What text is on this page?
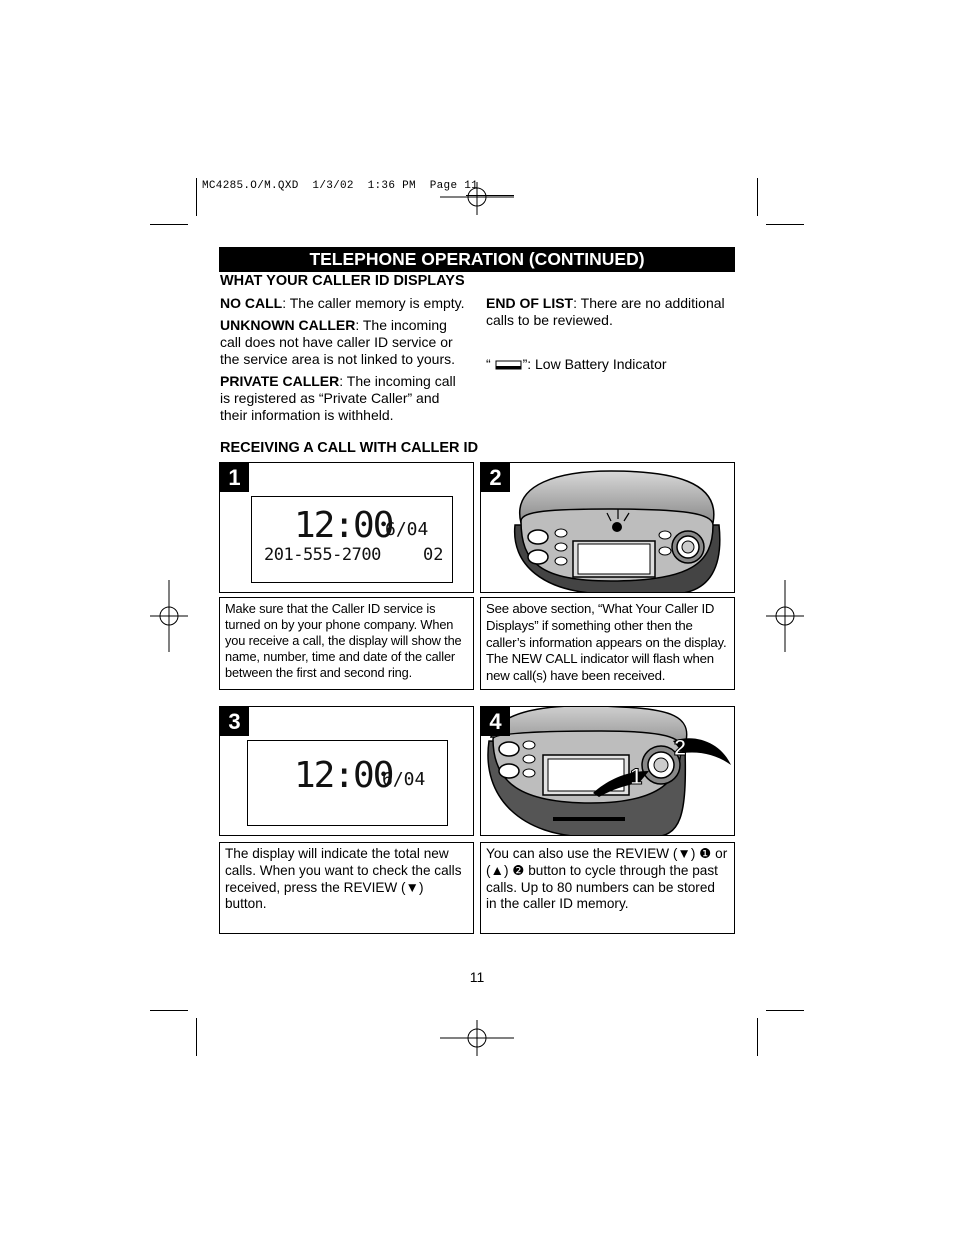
MC4285.O/M.QXD  1/3/02  1:36 PM  Page 11
TELEPHONE OPERATION (CONTINUED)
WHAT YOUR CALLER ID DISPLAYS
NO CALL: The caller memory is empty.
UNKNOWN CALLER: The incoming call does not have caller ID service or the service area is not linked to yours.
PRIVATE CALLER: The incoming call is registered as “Private Caller” and their information is withheld.
END OF LIST: There are no additional calls to be reviewed.
“ ”: Low Battery Indicator
RECEIVING A CALL WITH CALLER ID
1
12:00
6/04
201-555-2700 02
Make sure that the Caller ID service is turned on by your phone company. When you receive a call, the display will show the name, number, time and date of the caller between the first and second ring.
2
See above section, “What Your Caller ID Displays” if something other then the caller’s information appears on the display. The NEW CALL indicator will flash when new call(s) have been received.
3
12:00
6/04
The display will indicate the total new calls. When you want to check the calls received, press the REVIEW (▼) button.
4
2
1
You can also use the REVIEW (▼) ❶ or (▲) ❷ button to cycle through the past calls. Up to 80 numbers can be stored in the caller ID memory.
11
